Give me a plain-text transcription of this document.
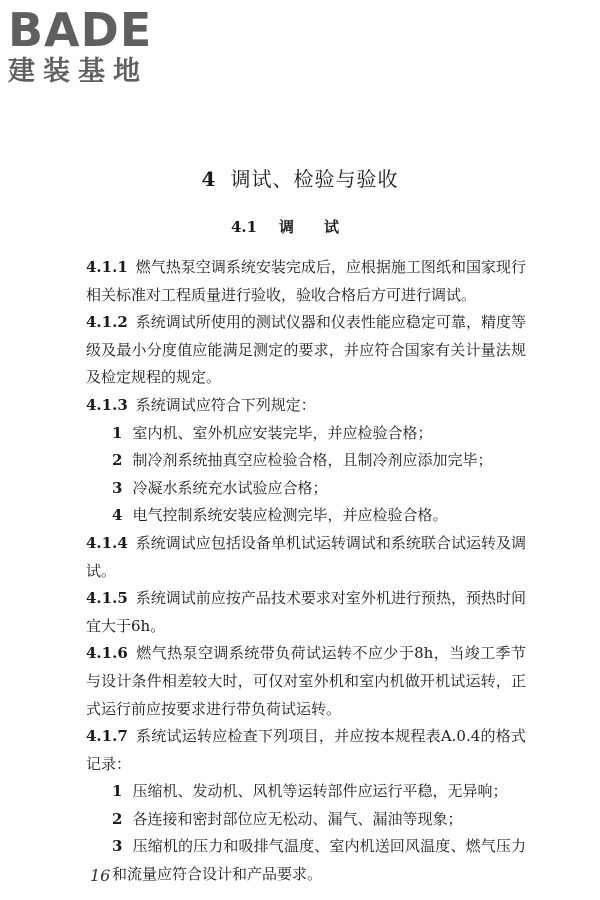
BADE
建装基地
4 调试、检验与验收
4.1 调试

4.1.1 燃气热泵空调系统安装完成后，应根据施工图纸和国家现行相关标准对工程质量进行验收，验收合格后方可进行调试。

4.1.2 系统调试所使用的测试仪器和仪表性能应稳定可靠，精度等级及最小分度值应能满足测定的要求，并应符合国家有关计量法规及检定规程的规定。

4.1.3 系统调试应符合下列规定：

1 室内机、室外机应安装完毕，并应检验合格；

2 制冷剂系统抽真空应检验合格，且制冷剂应添加完毕；

3 冷凝水系统充水试验应合格；

4 电气控制系统安装应检测完毕，并应检验合格。

4.1.4 系统调试应包括设备单机试运转调试和系统联合试运转及调试。

4.1.5 系统调试前应按产品技术要求对室外机进行预热，预热时间宜大于6h。

4.1.6 燃气热泵空调系统带负荷试运转不应少于8h，当竣工季节与设计条件相差较大时，可仅对室外机和室内机做开机试运转，正式运行前应按要求进行带负荷试运转。

4.1.7 系统试运转应检查下列项目，并应按本规程表A.0.4的格式记录：

1 压缩机、发动机、风机等运转部件应运行平稳，无异响；

2 各连接和密封部位应无松动、漏气、漏油等现象；

3 压缩机的压力和吸排气温度、室内机送回风温度、燃气压力和流量应符合设计和产品要求。

16
